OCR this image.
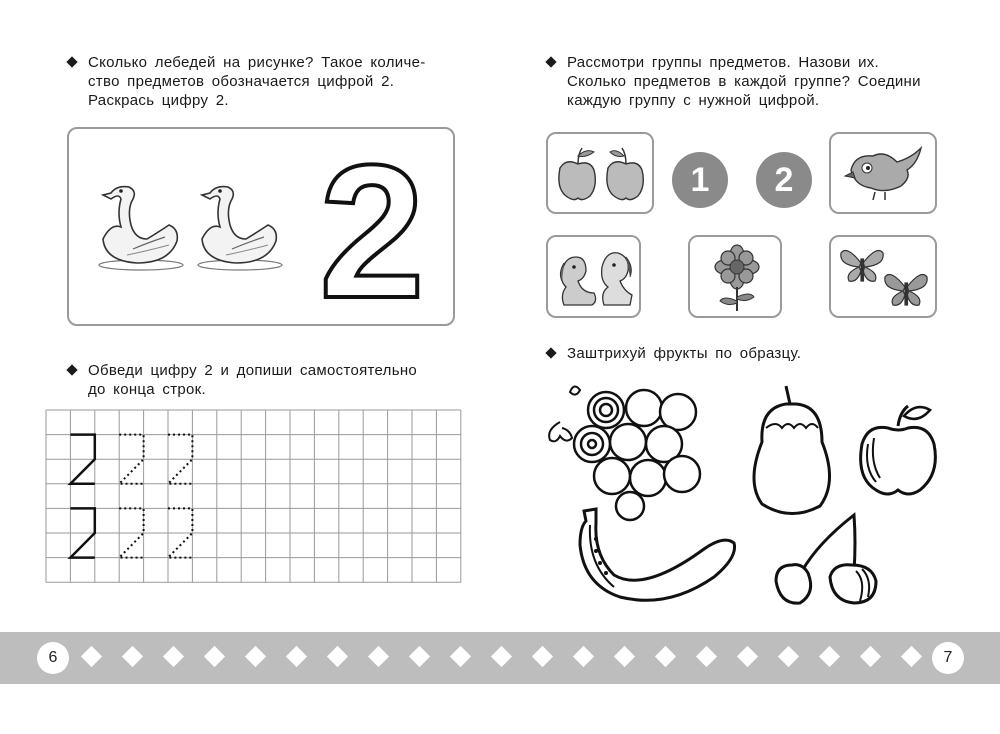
Сколько лебедей на рисунке? Такое количе-
ство предметов обозначается цифрой 2.
Раскрась цифру 2.
2
Обведи цифру 2 и допиши самостоятельно
до конца строк.
6	7
Рассмотри группы предметов. Назови их.
Сколько предметов в каждой группе? Соедини
каждую группу с нужной цифрой.
1	2
Заштрихуй фрукты по образцу.
